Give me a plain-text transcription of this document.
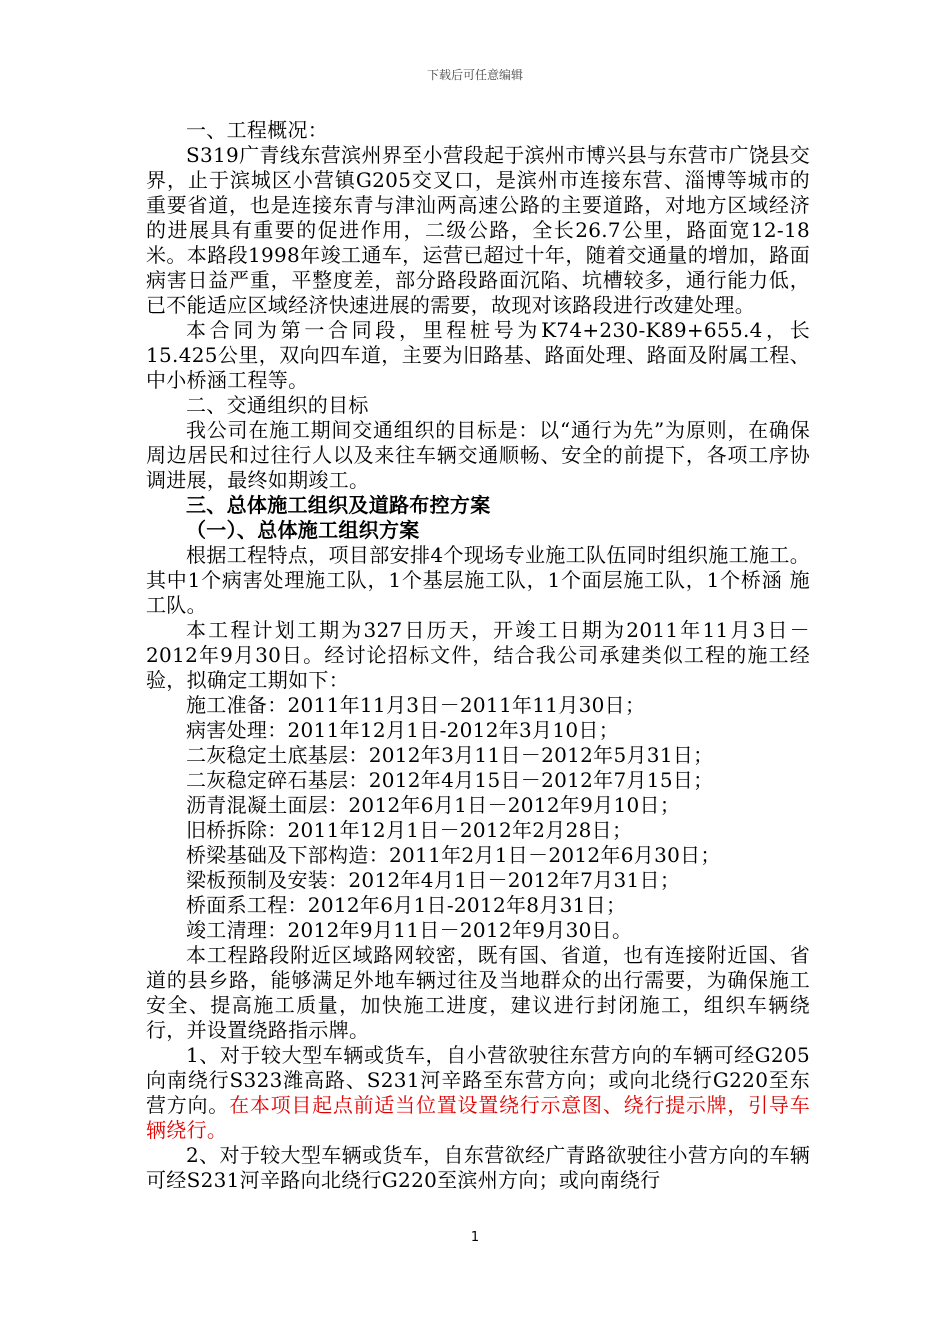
下载后可任意编辑

一、工程概况：

S319广青线东营滨州界至小营段起于滨州市博兴县与东营市广饶县交界，止于滨城区小营镇G205交叉口，是滨州市连接东营、淄博等城市的重要省道，也是连接东青与津汕两高速公路的主要道路，对地方区域经济的进展具有重要的促进作用，二级公路，全长26.7公里，路面宽12-18米。本路段1998年竣工通车，运营已超过十年，随着交通量的增加，路面病害日益严重，平整度差，部分路段路面沉陷、坑槽较多，通行能力低，已不能适应区域经济快速进展的需要，故现对该路段进行改建处理。

本合同为第一合同段，里程桩号为K74+230-K89+655.4，长15.425公里，双向四车道，主要为旧路基、路面处理、路面及附属工程、中小桥涵工程等。

二、交通组织的目标

我公司在施工期间交通组织的目标是：以“通行为先”为原则，在确保周边居民和过往行人以及来往车辆交通顺畅、安全的前提下，各项工序协调进展，最终如期竣工。

三、总体施工组织及道路布控方案

（一）、总体施工组织方案

根据工程特点，项目部安排4个现场专业施工队伍同时组织施工施工。其中1个病害处理施工队，1个基层施工队，1个面层施工队，1个桥涵 施工队。

本工程计划工期为327日历天，开竣工日期为2011年11月3日－2012年9月30日。经讨论招标文件，结合我公司承建类似工程的施工经验，拟确定工期如下：

施工准备：2011年11月3日－2011年11月30日；

病害处理：2011年12月1日-2012年3月10日；

二灰稳定土底基层：2012年3月11日－2012年5月31日；

二灰稳定碎石基层：2012年4月15日－2012年7月15日；

沥青混凝土面层：2012年6月1日－2012年9月10日；

旧桥拆除：2011年12月1日－2012年2月28日；

桥梁基础及下部构造：2011年2月1日－2012年6月30日；

梁板预制及安装：2012年4月1日－2012年7月31日；

桥面系工程：2012年6月1日-2012年8月31日；

竣工清理：2012年9月11日－2012年9月30日。

本工程路段附近区域路网较密，既有国、省道，也有连接附近国、省道的县乡路，能够满足外地车辆过往及当地群众的出行需要，为确保施工安全、提高施工质量，加快施工进度，建议进行封闭施工，组织车辆绕行，并设置绕路指示牌。

1、对于较大型车辆或货车，自小营欲驶往东营方向的车辆可经G205向南绕行S323潍高路、S231河辛路至东营方向；或向北绕行G220至东营方向。在本项目起点前适当位置设置绕行示意图、绕行提示牌，引导车辆绕行。

2、对于较大型车辆或货车，自东营欲经广青路欲驶往小营方向的车辆可经S231河辛路向北绕行G220至滨州方向；或向南绕行

1
